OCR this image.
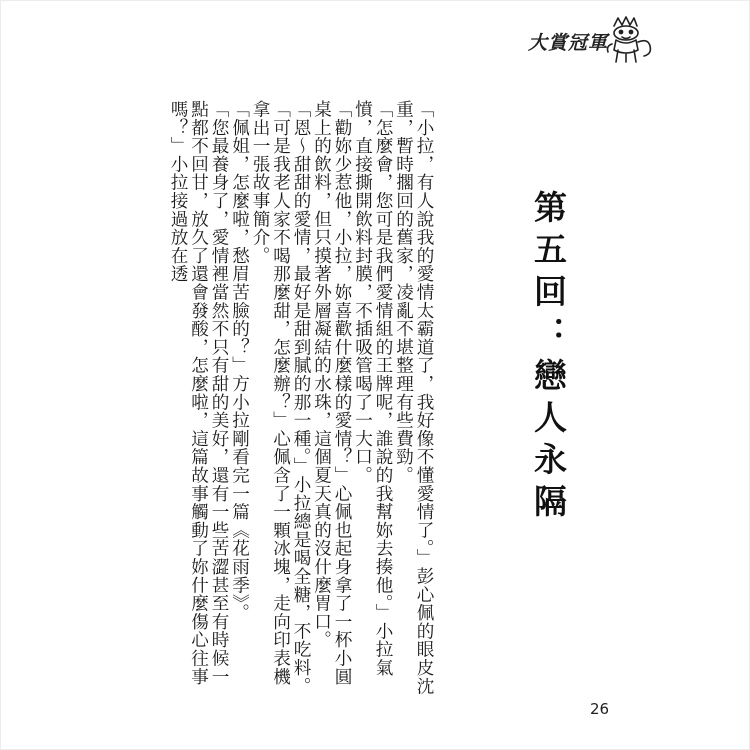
大賞冠軍
第五回：戀人永隔

「小拉，有人說我的愛情太霸道了，我好像不懂愛情了。」彭心佩的眼皮沈重，暫時擱回的舊家，凌亂不堪整理有些費勁。

「怎麼會，您可是我們愛情組的王牌呢，誰說的我幫妳去揍他。」小拉氣憤，直接撕開飲料封膜，不插吸管喝了一大口。

「勸妳少惹他，小拉，妳喜歡什麼樣的愛情？」心佩也起身拿了一杯小圓桌上的飲料，但只摸著外層凝結的水珠，這個夏天真的沒什麼胃口。

「恩～甜甜的愛情，最好是甜到膩的那一種。」小拉總是喝全糖，不吃料。

「可是我老人家不喝那麼甜，怎麼辦？」心佩含了一顆冰塊，走向印表機拿出一張故事簡介。

「佩姐，怎麼啦，愁眉苦臉的？」方小拉剛看完一篇《花雨季》。

「您最養身了，愛情裡當然不只有甜的美好，還有一些苦澀甚至有時候一點都不回甘，放久了還會發酸，怎麼啦，這篇故事觸動了妳什麼傷心往事嗎？」小拉接過放在透

26
